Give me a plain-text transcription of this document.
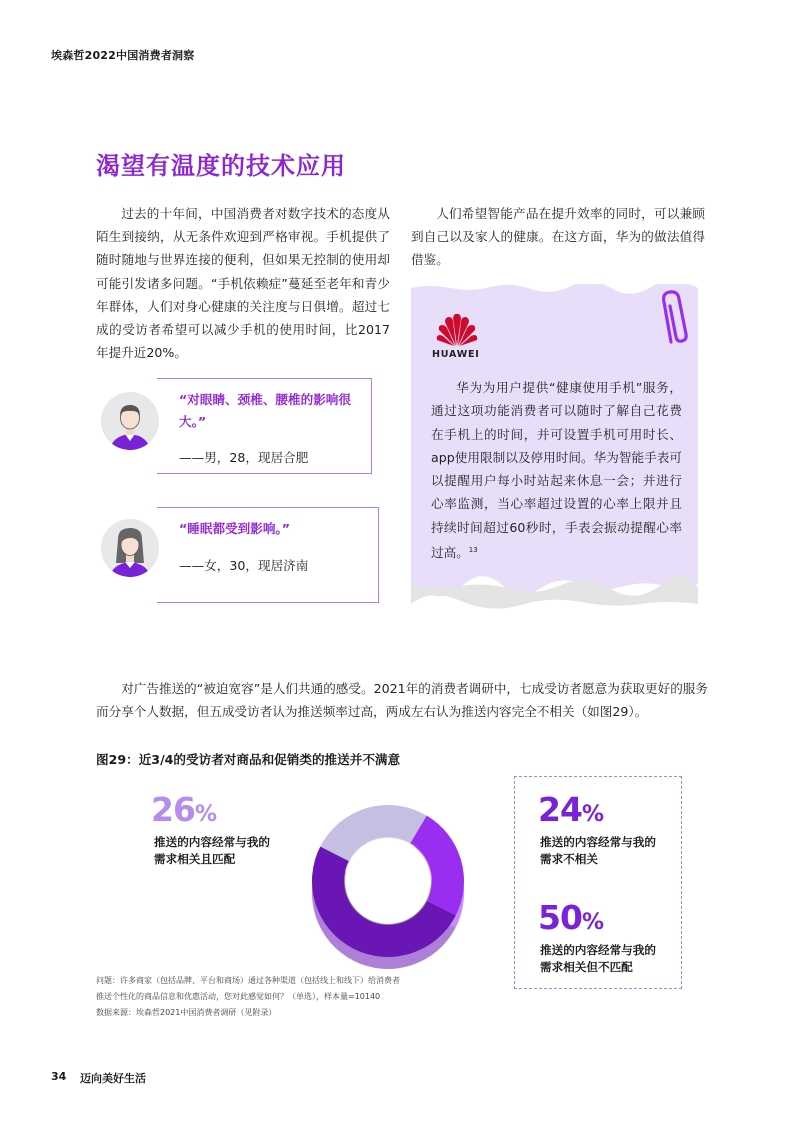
埃森哲2022中国消费者洞察
渴望有温度的技术应用
过去的十年间，中国消费者对数字技术的态度从陌生到接纳，从无条件欢迎到严格审视。手机提供了随时随地与世界连接的便利，但如果无控制的使用却可能引发诸多问题。“手机依赖症”蔓延至老年和青少年群体，人们对身心健康的关注度与日俱增。超过七成的受访者希望可以减少手机的使用时间，比2017年提升近20%。
人们希望智能产品在提升效率的同时，可以兼顾到自己以及家人的健康。在这方面，华为的做法值得借鉴。
“对眼睛、颈椎、腰椎的影响很大。”
——男，28，现居合肥
“睡眠都受到影响。”
——女，30，现居济南
HUAWEI
华为为用户提供“健康使用手机”服务，通过这项功能消费者可以随时了解自己花费在手机上的时间，并可设置手机可用时长、app使用限制以及停用时间。华为智能手表可以提醒用户每小时站起来休息一会；并进行心率监测，当心率超过设置的心率上限并且持续时间超过60秒时，手表会振动提醒心率过高。$^{13}$
对广告推送的“被迫宽容”是人们共通的感受。2021年的消费者调研中，七成受访者愿意为获取更好的服务而分享个人数据，但五成受访者认为推送频率过高，两成左右认为推送内容完全不相关（如图29）。
图29：近3/4的受访者对商品和促销类的推送并不满意
26%
推送的内容经常与我的
需求相关且匹配
24%
推送的内容经常与我的
需求不相关
50%
推送的内容经常与我的
需求相关但不匹配
问题：许多商家（包括品牌、平台和商场）通过各种渠道（包括线上和线下）给消费者
推送个性化的商品信息和优惠活动，您对此感觉如何？（单选），样本量=10140
数据来源：埃森哲2021中国消费者调研（见附录）
34 迈向美好生活
